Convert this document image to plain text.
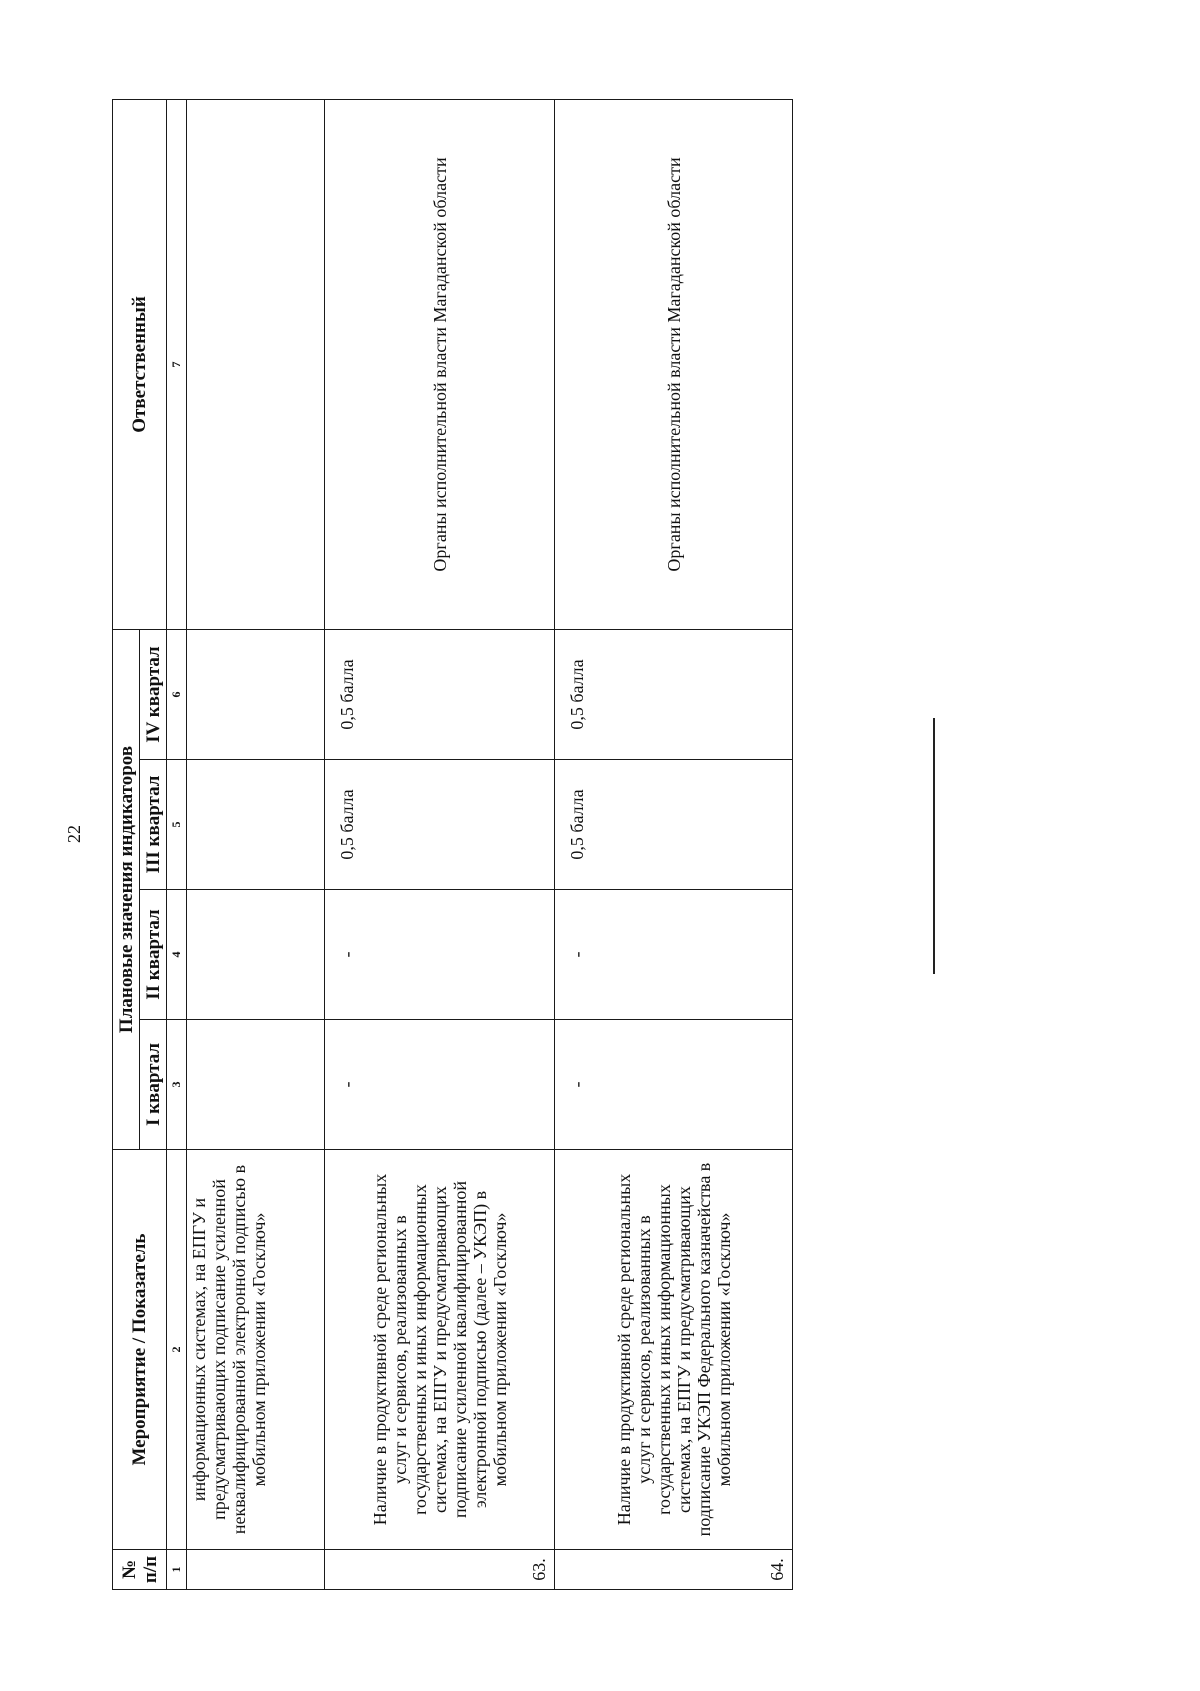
22
№ п/п	Мероприятие / Показатель	Плановые значения индикаторов				Ответственный
		I квартал	II квартал	III квартал	IV квартал	
1	2	3	4	5	6	7
	информационных системах, на ЕПГУ и предусматривающих подписание усиленной неквалифицированной электронной подписью в мобильном приложении «Госключ»					
63.	Наличие в продуктивной среде региональных услуг и сервисов, реализованных в государственных и иных информационных системах, на ЕПГУ и предусматривающих подписание усиленной квалифицированной электронной подписью (далее – УКЭП) в мобильном приложении «Госключ»	-	-	0,5 балла	0,5 балла	Органы исполнительной власти Магаданской области
64.	Наличие в продуктивной среде региональных услуг и сервисов, реализованных в государственных и иных информационных системах, на ЕПГУ и предусматривающих подписание УКЭП Федерального казначейства в мобильном приложении «Госключ»	-	-	0,5 балла	0,5 балла	Органы исполнительной власти Магаданской области
